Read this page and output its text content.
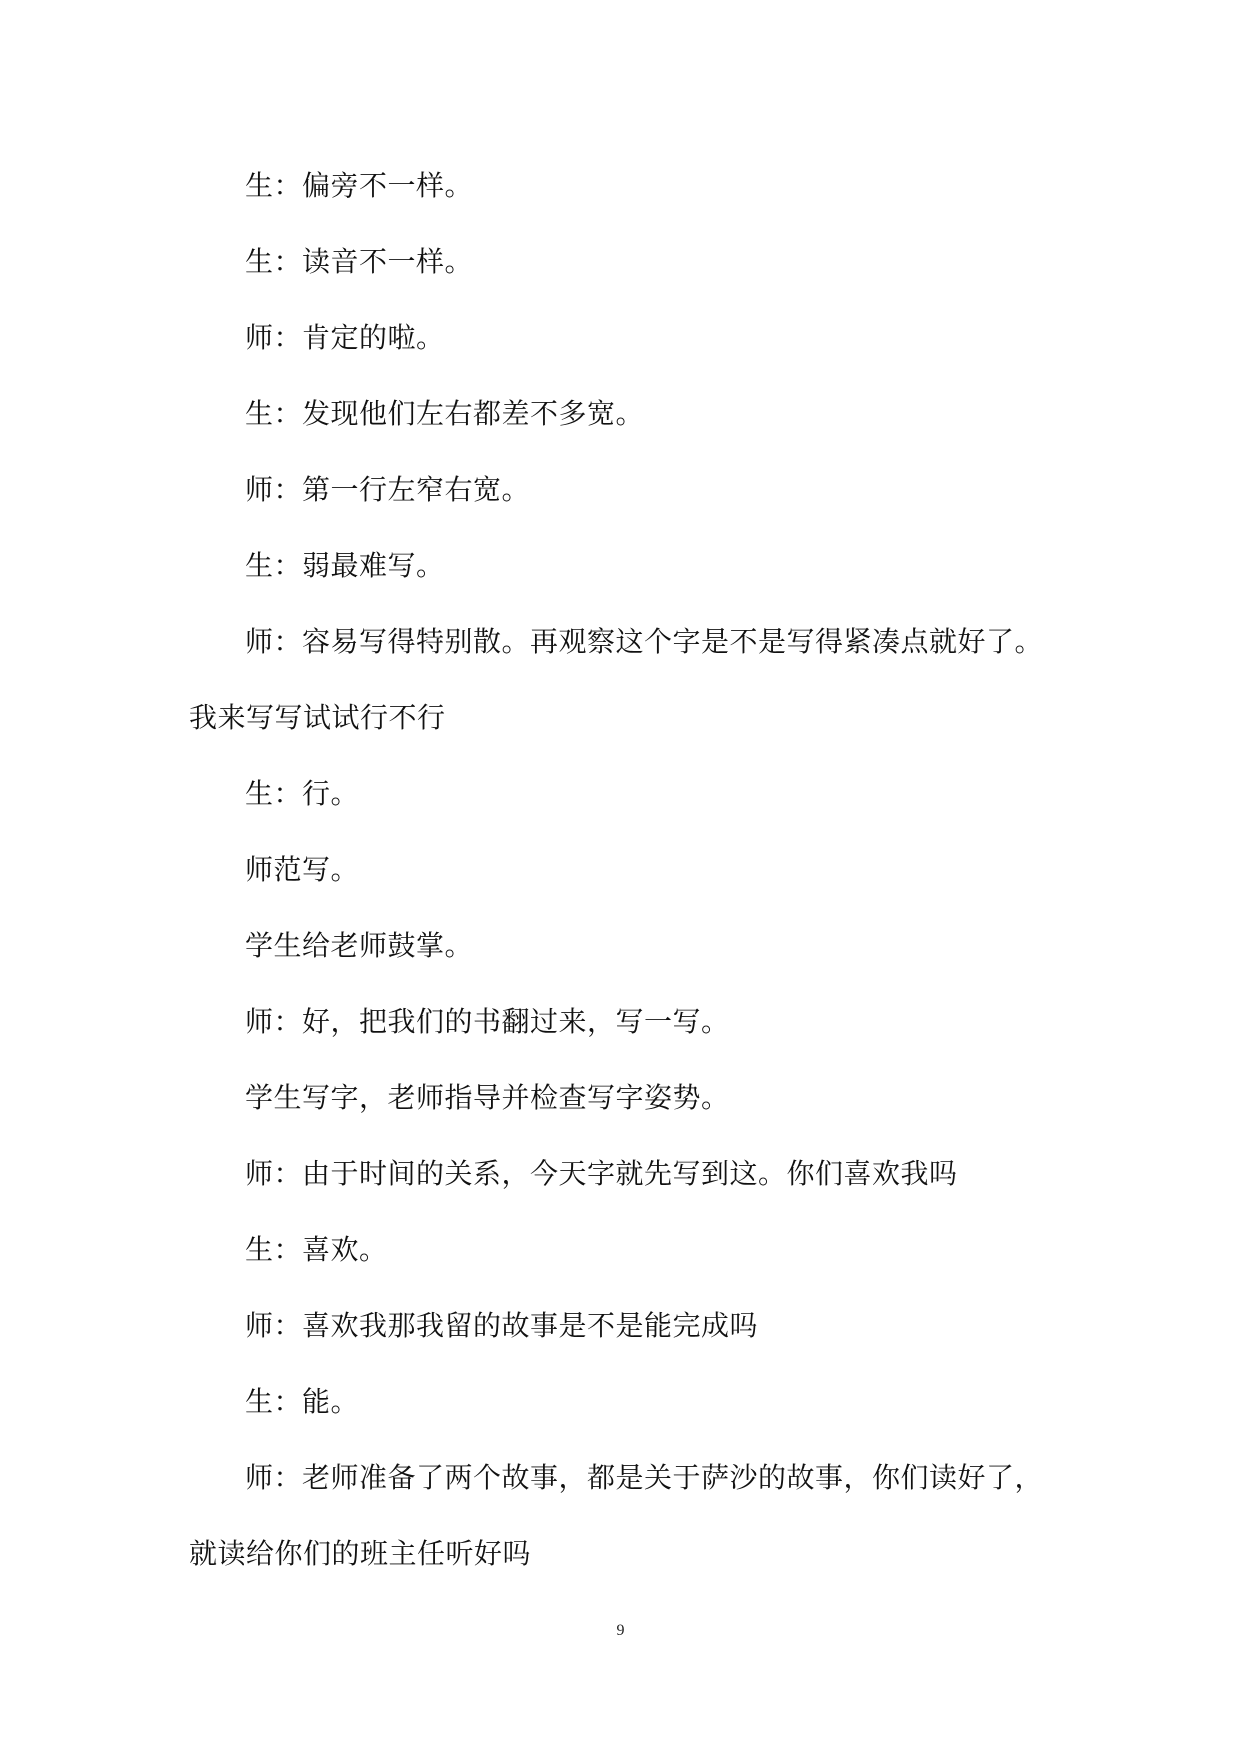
生：偏旁不一样。
生：读音不一样。
师：肯定的啦。
生：发现他们左右都差不多宽。
师：第一行左窄右宽。
生：弱最难写。
师：容易写得特别散。再观察这个字是不是写得紧凑点就好了。
我来写写试试行不行
生：行。
师范写。
学生给老师鼓掌。
师：好，把我们的书翻过来，写一写。
学生写字，老师指导并检查写字姿势。
师：由于时间的关系，今天字就先写到这。你们喜欢我吗
生：喜欢。
师：喜欢我那我留的故事是不是能完成吗
生：能。
师：老师准备了两个故事，都是关于萨沙的故事，你们读好了，
就读给你们的班主任听好吗
9
